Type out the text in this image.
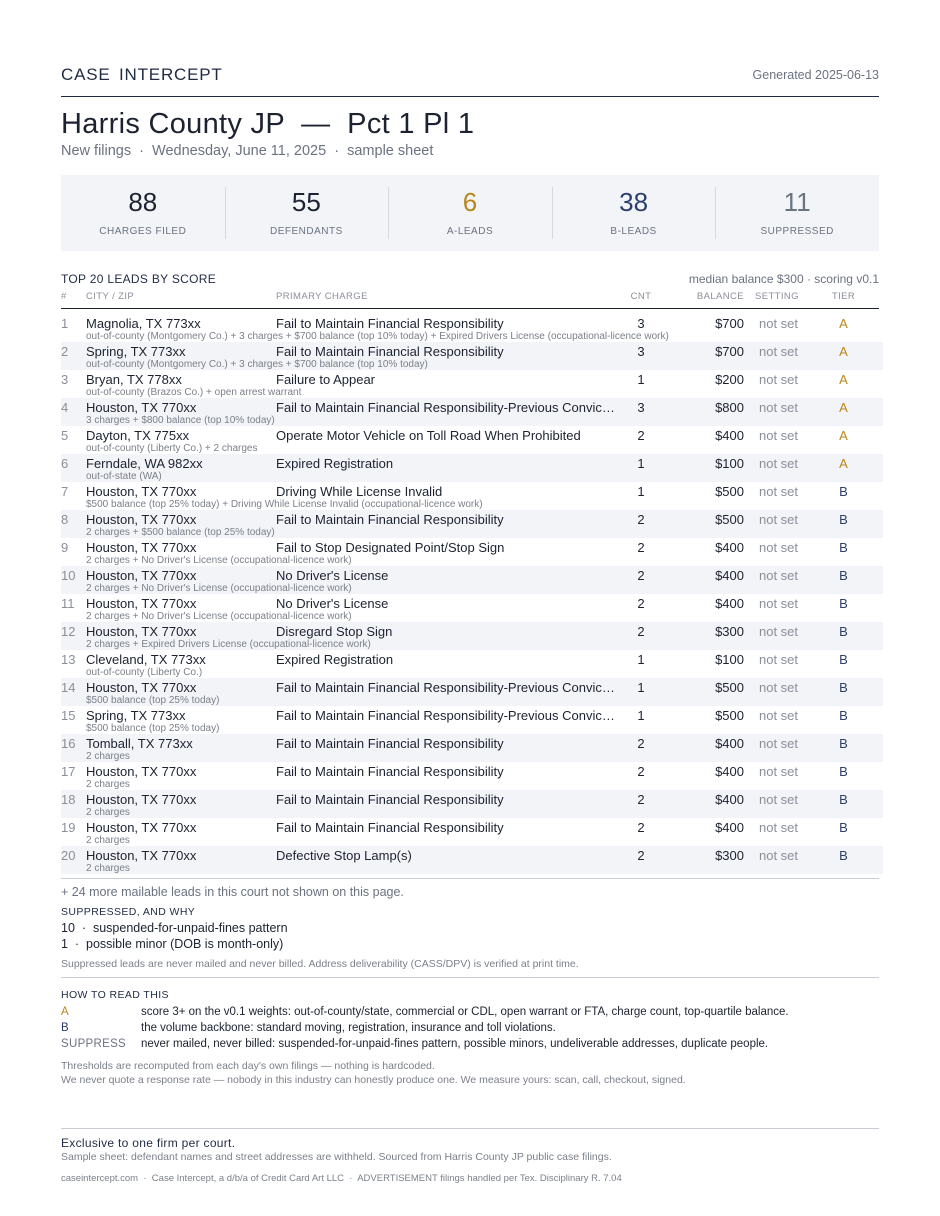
CASE INTERCEPT	Generated 2025-06-13
Harris County JP  —  Pct 1 Pl 1
New filings  ·  Wednesday, June 11, 2025  ·  sample sheet
88
CHARGES FILED
55
DEFENDANTS
6
A-LEADS
38
B-LEADS
11
SUPPRESSED
TOP 20 LEADS BY SCORE	median balance $300 · scoring v0.1
# CITY / ZIP	PRIMARY CHARGE	CNT	BALANCE SETTING	TIER
1 Magnolia, TX 773xx	Fail to Maintain Financial Responsibility	3	$700 not set	A
out-of-county (Montgomery Co.) + 3 charges + $700 balance (top 10% today) + Expired Drivers License (occupational-licence work)
2 Spring, TX 773xx	Fail to Maintain Financial Responsibility	3	$700 not set	A
out-of-county (Montgomery Co.) + 3 charges + $700 balance (top 10% today)
3 Bryan, TX 778xx	Failure to Appear	1	$200 not set	A
out-of-county (Brazos Co.) + open arrest warrant
4 Houston, TX 770xx	Fail to Maintain Financial Responsibility-Previous Convic…	3	$800 not set	A
3 charges + $800 balance (top 10% today)
5 Dayton, TX 775xx	Operate Motor Vehicle on Toll Road When Prohibited	2	$400 not set	A
out-of-county (Liberty Co.) + 2 charges
6 Ferndale, WA 982xx	Expired Registration	1	$100 not set	A
out-of-state (WA)
7 Houston, TX 770xx	Driving While License Invalid	1	$500 not set	B
$500 balance (top 25% today) + Driving While License Invalid (occupational-licence work)
8 Houston, TX 770xx	Fail to Maintain Financial Responsibility	2	$500 not set	B
2 charges + $500 balance (top 25% today)
9 Houston, TX 770xx	Fail to Stop Designated Point/Stop Sign	2	$400 not set	B
2 charges + No Driver's License (occupational-licence work)
10 Houston, TX 770xx	No Driver's License	2	$400 not set	B
2 charges + No Driver's License (occupational-licence work)
11 Houston, TX 770xx	No Driver's License	2	$400 not set	B
2 charges + No Driver's License (occupational-licence work)
12 Houston, TX 770xx	Disregard Stop Sign	2	$300 not set	B
2 charges + Expired Drivers License (occupational-licence work)
13 Cleveland, TX 773xx	Expired Registration	1	$100 not set	B
out-of-county (Liberty Co.)
14 Houston, TX 770xx	Fail to Maintain Financial Responsibility-Previous Convic…	1	$500 not set	B
$500 balance (top 25% today)
15 Spring, TX 773xx	Fail to Maintain Financial Responsibility-Previous Convic…	1	$500 not set	B
$500 balance (top 25% today)
16 Tomball, TX 773xx	Fail to Maintain Financial Responsibility	2	$400 not set	B
2 charges
17 Houston, TX 770xx	Fail to Maintain Financial Responsibility	2	$400 not set	B
2 charges
18 Houston, TX 770xx	Fail to Maintain Financial Responsibility	2	$400 not set	B
2 charges
19 Houston, TX 770xx	Fail to Maintain Financial Responsibility	2	$400 not set	B
2 charges
20 Houston, TX 770xx	Defective Stop Lamp(s)	2	$300 not set	B
2 charges
+ 24 more mailable leads in this court not shown on this page.
SUPPRESSED, AND WHY
10  ·  suspended-for-unpaid-fines pattern
1  ·  possible minor (DOB is month-only)
Suppressed leads are never mailed and never billed. Address deliverability (CASS/DPV) is verified at print time.
HOW TO READ THIS
A	score 3+ on the v0.1 weights: out-of-county/state, commercial or CDL, open warrant or FTA, charge count, top-quartile balance.
B	the volume backbone: standard moving, registration, insurance and toll violations.
SUPPRESS never mailed, never billed: suspended-for-unpaid-fines pattern, possible minors, undeliverable addresses, duplicate people.
Thresholds are recomputed from each day's own filings — nothing is hardcoded.
We never quote a response rate — nobody in this industry can honestly produce one. We measure yours: scan, call, checkout, signed.
Exclusive to one firm per court.
Sample sheet: defendant names and street addresses are withheld. Sourced from Harris County JP public case filings.
caseintercept.com  ·  Case Intercept, a d/b/a of Credit Card Art LLC  ·  ADVERTISEMENT filings handled per Tex. Disciplinary R. 7.04
